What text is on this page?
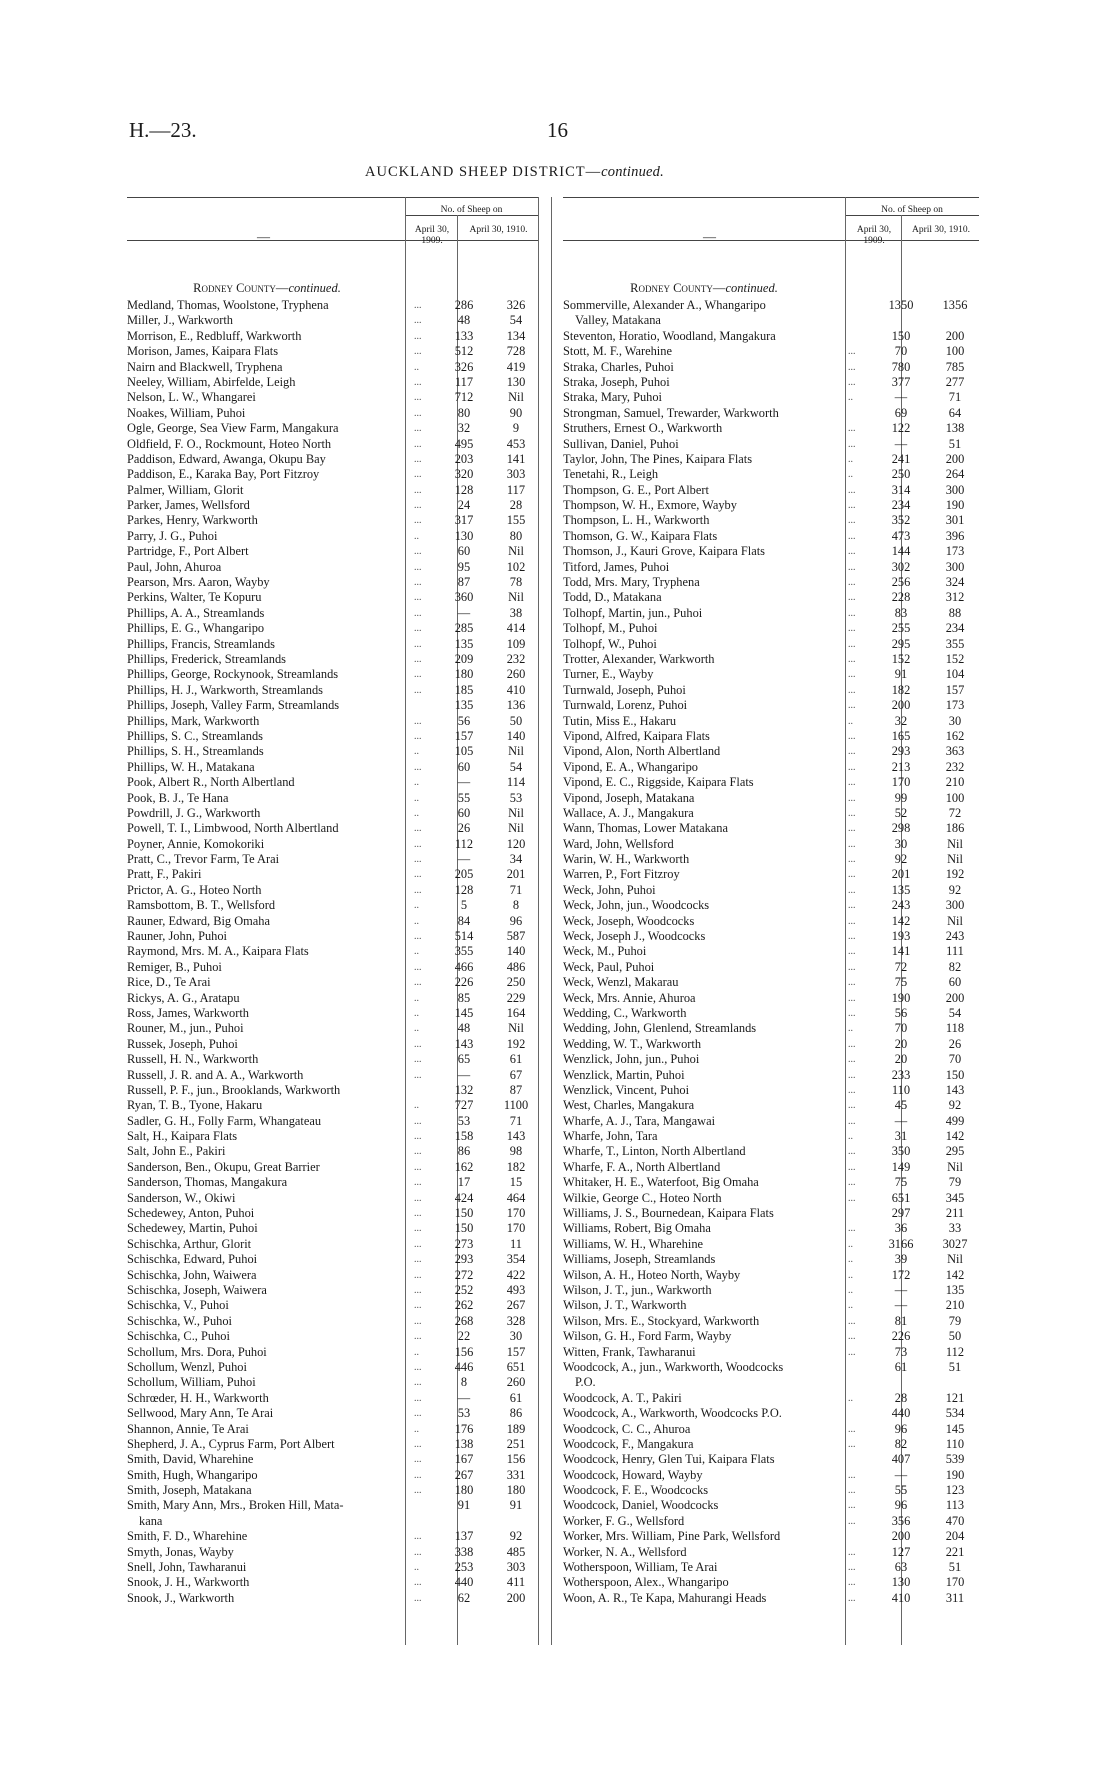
H.—23.	16
AUCKLAND SHEEP DISTRICT—continued.
—
No. of Sheep on
April 30, 1909.
April 30, 1910.
Rodney County—continued.
Medland, Thomas, Woolstone, Tryphena	...	286	326
Miller, J., Warkworth	...	48	54
Morrison, E., Redbluff, Warkworth	...	133	134
Morison, James, Kaipara Flats	...	512	728
Nairn and Blackwell, Tryphena	..	326	419
Neeley, William, Abirfelde, Leigh	...	117	130
Nelson, L. W., Whangarei	...	712	Nil
Noakes, William, Puhoi	...	80	90
Ogle, George, Sea View Farm, Mangakura	...	32	9
Oldfield, F. O., Rockmount, Hoteo North	...	495	453
Paddison, Edward, Awanga, Okupu Bay	...	203	141
Paddison, E., Karaka Bay, Port Fitzroy	...	320	303
Palmer, William, Glorit	...	128	117
Parker, James, Wellsford	...	24	28
Parkes, Henry, Warkworth	...	317	155
Parry, J. G., Puhoi	..	130	80
Partridge, F., Port Albert	...	60	Nil
Paul, John, Ahuroa	...	95	102
Pearson, Mrs. Aaron, Wayby	...	87	78
Perkins, Walter, Te Kopuru	...	360	Nil
Phillips, A. A., Streamlands	...	—	38
Phillips, E. G., Whangaripo	...	285	414
Phillips, Francis, Streamlands	...	135	109
Phillips, Frederick, Streamlands	...	209	232
Phillips, George, Rockynook, Streamlands	...	180	260
Phillips, H. J., Warkworth, Streamlands	...	185	410
Phillips, Joseph, Valley Farm, Streamlands	135	136
Phillips, Mark, Warkworth	...	56	50
Phillips, S. C., Streamlands	...	157	140
Phillips, S. H., Streamlands	..	105	Nil
Phillips, W. H., Matakana	...	60	54
Pook, Albert R., North Albertland	..	—	114
Pook, B. J., Te Hana	..	55	53
Powdrill, J. G., Warkworth	..	60	Nil
Powell, T. I., Limbwood, North Albertland	...	26	Nil
Poyner, Annie, Komokoriki	...	112	120
Pratt, C., Trevor Farm, Te Arai	...	—	34
Pratt, F., Pakiri	...	205	201
Prictor, A. G., Hoteo North	...	128	71
Ramsbottom, B. T., Wellsford	..	5	8
Rauner, Edward, Big Omaha	..	84	96
Rauner, John, Puhoi	...	514	587
Raymond, Mrs. M. A., Kaipara Flats	..	355	140
Remiger, B., Puhoi	...	466	486
Rice, D., Te Arai	...	226	250
Rickys, A. G., Aratapu	..	85	229
Ross, James, Warkworth	..	145	164
Rouner, M., jun., Puhoi	..	48	Nil
Russek, Joseph, Puhoi	...	143	192
Russell, H. N., Warkworth	...	65	61
Russell, J. R. and A. A., Warkworth	...	—	67
Russell, P. F., jun., Brooklands, Warkworth	132	87
Ryan, T. B., Tyone, Hakaru	..	727	1100
Sadler, G. H., Folly Farm, Whangateau	...	53	71
Salt, H., Kaipara Flats	...	158	143
Salt, John E., Pakiri	...	86	98
Sanderson, Ben., Okupu, Great Barrier	...	162	182
Sanderson, Thomas, Mangakura	...	17	15
Sanderson, W., Okiwi	...	424	464
Schedewey, Anton, Puhoi	...	150	170
Schedewey, Martin, Puhoi	...	150	170
Schischka, Arthur, Glorit	...	273	11
Schischka, Edward, Puhoi	...	293	354
Schischka, John, Waiwera	...	272	422
Schischka, Joseph, Waiwera	...	252	493
Schischka, V., Puhoi	...	262	267
Schischka, W., Puhoi	...	268	328
Schischka, C., Puhoi	...	22	30
Schollum, Mrs. Dora, Puhoi	..	156	157
Schollum, Wenzl, Puhoi	...	446	651
Schollum, William, Puhoi	...	8	260
Schrœder, H. H., Warkworth	...	—	61
Sellwood, Mary Ann, Te Arai	...	53	86
Shannon, Annie, Te Arai	..	176	189
Shepherd, J. A., Cyprus Farm, Port Albert	...	138	251
Smith, David, Wharehine	...	167	156
Smith, Hugh, Whangaripo	...	267	331
Smith, Joseph, Matakana	...	180	180
Smith, Mary Ann, Mrs., Broken Hill, Mata-	91	91
kana
Smith, F. D., Wharehine	...	137	92
Smyth, Jonas, Wayby	...	338	485
Snell, John, Tawharanui	..	253	303
Snook, J. H., Warkworth	...	440	411
Snook, J., Warkworth	...	62	200
—
No. of Sheep on
April 30, 1909.
April 30, 1910.
Rodney County—continued.
Sommerville, Alexander A., Whangaripo	1350	1356
Valley, Matakana
Steventon, Horatio, Woodland, Mangakura	150	200
Stott, M. F., Warehine	...	70	100
Straka, Charles, Puhoi	...	780	785
Straka, Joseph, Puhoi	...	377	277
Straka, Mary, Puhoi	..	—	71
Strongman, Samuel, Trewarder, Warkworth	69	64
Struthers, Ernest O., Warkworth	...	122	138
Sullivan, Daniel, Puhoi	...	—	51
Taylor, John, The Pines, Kaipara Flats	..	241	200
Tenetahi, R., Leigh	..	250	264
Thompson, G. E., Port Albert	...	314	300
Thompson, W. H., Exmore, Wayby	...	234	190
Thompson, L. H., Warkworth	...	352	301
Thomson, G. W., Kaipara Flats	...	473	396
Thomson, J., Kauri Grove, Kaipara Flats	...	144	173
Titford, James, Puhoi	...	302	300
Todd, Mrs. Mary, Tryphena	...	256	324
Todd, D., Matakana	...	228	312
Tolhopf, Martin, jun., Puhoi	...	83	88
Tolhopf, M., Puhoi	...	255	234
Tolhopf, W., Puhoi	...	295	355
Trotter, Alexander, Warkworth	...	152	152
Turner, E., Wayby	...	91	104
Turnwald, Joseph, Puhoi	...	182	157
Turnwald, Lorenz, Puhoi	...	200	173
Tutin, Miss E., Hakaru	..	32	30
Vipond, Alfred, Kaipara Flats	...	165	162
Vipond, Alon, North Albertland	...	293	363
Vipond, E. A., Whangaripo	...	213	232
Vipond, E. C., Riggside, Kaipara Flats	...	170	210
Vipond, Joseph, Matakana	...	99	100
Wallace, A. J., Mangakura	...	52	72
Wann, Thomas, Lower Matakana	...	298	186
Ward, John, Wellsford	...	30	Nil
Warin, W. H., Warkworth	...	92	Nil
Warren, P., Fort Fitzroy	...	201	192
Weck, John, Puhoi	...	135	92
Weck, John, jun., Woodcocks	...	243	300
Weck, Joseph, Woodcocks	...	142	Nil
Weck, Joseph J., Woodcocks	...	193	243
Weck, M., Puhoi	...	141	111
Weck, Paul, Puhoi	...	72	82
Weck, Wenzl, Makarau	...	75	60
Weck, Mrs. Annie, Ahuroa	...	190	200
Wedding, C., Warkworth	...	56	54
Wedding, John, Glenlend, Streamlands	..	70	118
Wedding, W. T., Warkworth	...	20	26
Wenzlick, John, jun., Puhoi	...	20	70
Wenzlick, Martin, Puhoi	...	233	150
Wenzlick, Vincent, Puhoi	...	110	143
West, Charles, Mangakura	...	45	92
Wharfe, A. J., Tara, Mangawai	...	—	499
Wharfe, John, Tara	..	31	142
Wharfe, T., Linton, North Albertland	...	350	295
Wharfe, F. A., North Albertland	...	149	Nil
Whitaker, H. E., Waterfoot, Big Omaha	...	75	79
Wilkie, George C., Hoteo North	...	651	345
Williams, J. S., Bournedean, Kaipara Flats	297	211
Williams, Robert, Big Omaha	...	36	33
Williams, W. H., Wharehine	..	3166	3027
Williams, Joseph, Streamlands	..	39	Nil
Wilson, A. H., Hoteo North, Wayby	..	172	142
Wilson, J. T., jun., Warkworth	..	—	135
Wilson, J. T., Warkworth	..	—	210
Wilson, Mrs. E., Stockyard, Warkworth	...	81	79
Wilson, G. H., Ford Farm, Wayby	...	226	50
Witten, Frank, Tawharanui	...	73	112
Woodcock, A., jun., Warkworth, Woodcocks	61	51
P.O.
Woodcock, A. T., Pakiri	..	28	121
Woodcock, A., Warkworth, Woodcocks P.O.	440	534
Woodcock, C. C., Ahuroa	...	96	145
Woodcock, F., Mangakura	...	82	110
Woodcock, Henry, Glen Tui, Kaipara Flats	407	539
Woodcock, Howard, Wayby	...	—	190
Woodcock, F. E., Woodcocks	...	55	123
Woodcock, Daniel, Woodcocks	...	96	113
Worker, F. G., Wellsford	...	356	470
Worker, Mrs. William, Pine Park, Wellsford	200	204
Worker, N. A., Wellsford	...	127	221
Wotherspoon, William, Te Arai	...	63	51
Wotherspoon, Alex., Whangaripo	...	130	170
Woon, A. R., Te Kapa, Mahurangi Heads	...	410	311
